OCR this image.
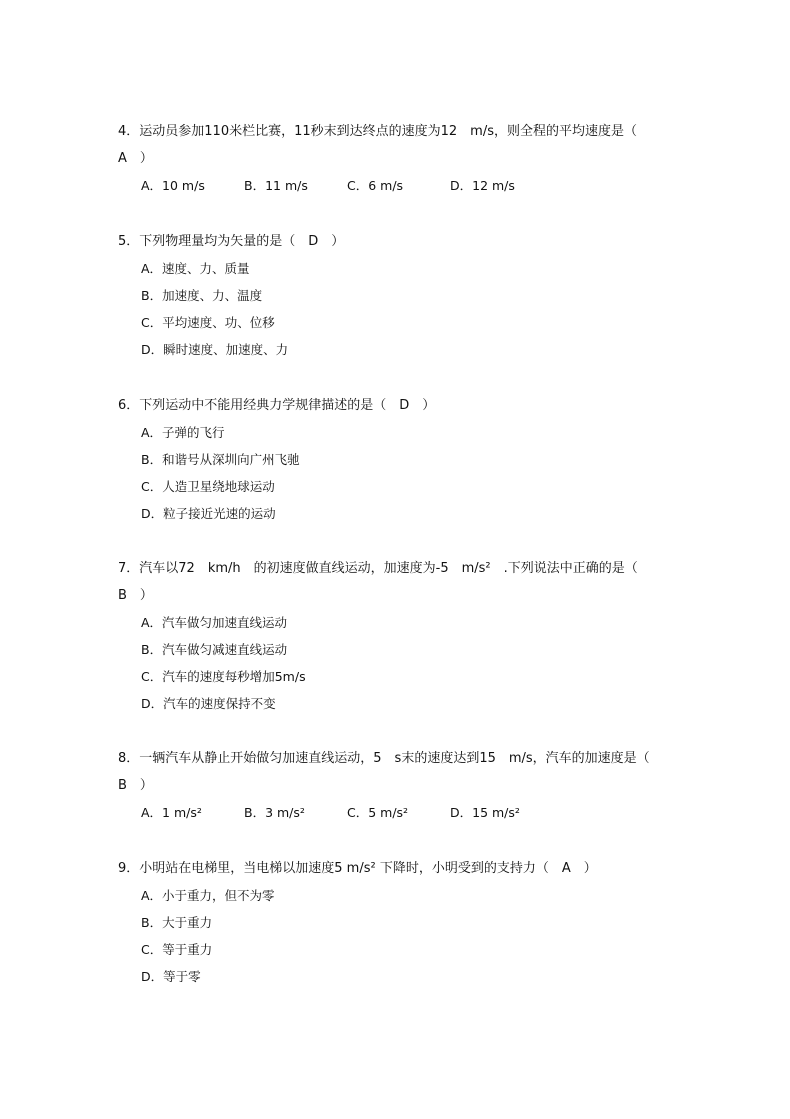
4．运动员参加110米栏比赛，11秒末到达终点的速度为12　m/s，则全程的平均速度是（　A　）
A．10 m/s	B．11 m/s	C．6 m/s	D．12 m/s
5．下列物理量均为矢量的是（　D　）
A．速度、力、质量
B．加速度、力、温度
C．平均速度、功、位移
D．瞬时速度、加速度、力
6．下列运动中不能用经典力学规律描述的是（　D　）
A．子弹的飞行
B．和谐号从深圳向广州飞驰
C．人造卫星绕地球运动
D．粒子接近光速的运动
7．汽车以72　km/h　的初速度做直线运动，加速度为-5　m/s²　.下列说法中正确的是（　B　）
A．汽车做匀加速直线运动
B．汽车做匀减速直线运动
C．汽车的速度每秒增加5m/s
D．汽车的速度保持不变
8．一辆汽车从静止开始做匀加速直线运动，5　s末的速度达到15　m/s，汽车的加速度是（　B　）
A．1 m/s²	B．3 m/s²	C．5 m/s²	D．15 m/s²
9．小明站在电梯里，当电梯以加速度5 m/s² 下降时，小明受到的支持力（　A　）
A．小于重力，但不为零
B．大于重力
C．等于重力
D．等于零
